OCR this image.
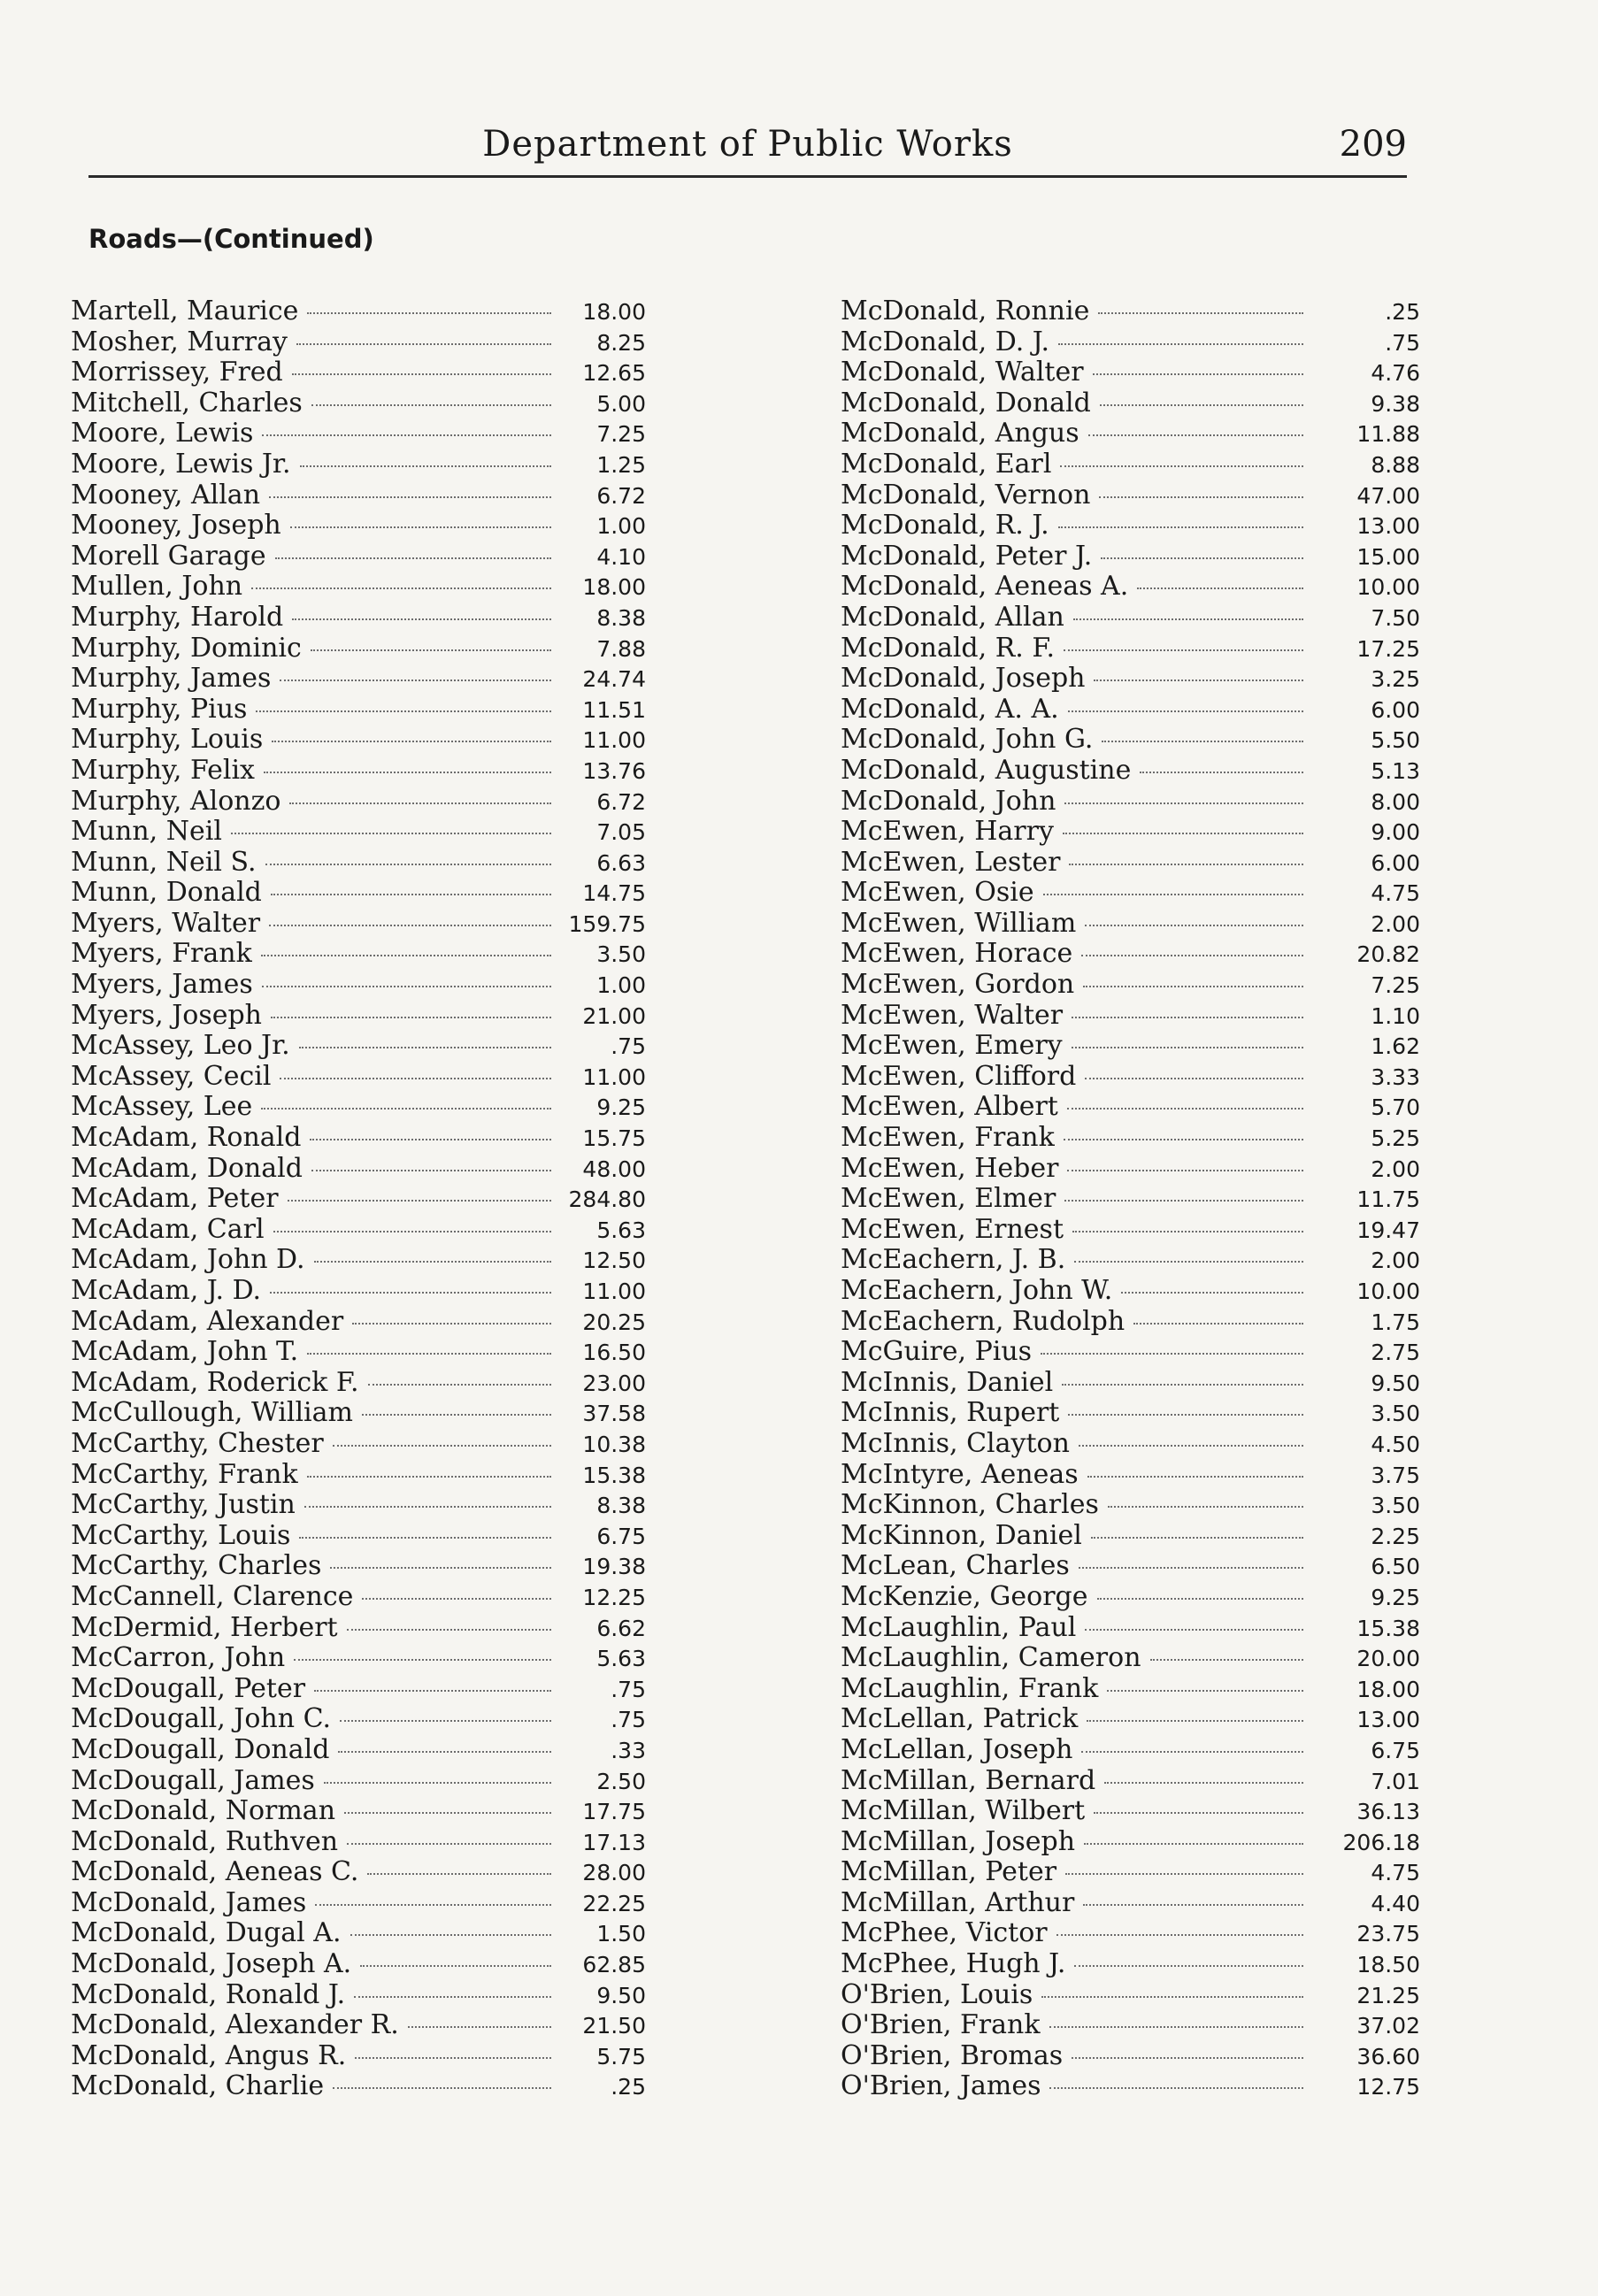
Department of Public Works	209
Roads—(Continued)
Martell, Maurice	18.00
Mosher, Murray	8.25
Morrissey, Fred	12.65
Mitchell, Charles	5.00
Moore, Lewis	7.25
Moore, Lewis Jr.	1.25
Mooney, Allan	6.72
Mooney, Joseph	1.00
Morell Garage	4.10
Mullen, John	18.00
Murphy, Harold	8.38
Murphy, Dominic	7.88
Murphy, James	24.74
Murphy, Pius	11.51
Murphy, Louis	11.00
Murphy, Felix	13.76
Murphy, Alonzo	6.72
Munn, Neil	7.05
Munn, Neil S.	6.63
Munn, Donald	14.75
Myers, Walter	159.75
Myers, Frank	3.50
Myers, James	1.00
Myers, Joseph	21.00
McAssey, Leo Jr.	.75
McAssey, Cecil	11.00
McAssey, Lee	9.25
McAdam, Ronald	15.75
McAdam, Donald	48.00
McAdam, Peter	284.80
McAdam, Carl	5.63
McAdam, John D.	12.50
McAdam, J. D.	11.00
McAdam, Alexander	20.25
McAdam, John T.	16.50
McAdam, Roderick F.	23.00
McCullough, William	37.58
McCarthy, Chester	10.38
McCarthy, Frank	15.38
McCarthy, Justin	8.38
McCarthy, Louis	6.75
McCarthy, Charles	19.38
McCannell, Clarence	12.25
McDermid, Herbert	6.62
McCarron, John	5.63
McDougall, Peter	.75
McDougall, John C.	.75
McDougall, Donald	.33
McDougall, James	2.50
McDonald, Norman	17.75
McDonald, Ruthven	17.13
McDonald, Aeneas C.	28.00
McDonald, James	22.25
McDonald, Dugal A.	1.50
McDonald, Joseph A.	62.85
McDonald, Ronald J.	9.50
McDonald, Alexander R.	21.50
McDonald, Angus R.	5.75
McDonald, Charlie	.25
McDonald, Ronnie	.25
McDonald, D. J.	.75
McDonald, Walter	4.76
McDonald, Donald	9.38
McDonald, Angus	11.88
McDonald, Earl	8.88
McDonald, Vernon	47.00
McDonald, R. J.	13.00
McDonald, Peter J.	15.00
McDonald, Aeneas A.	10.00
McDonald, Allan	7.50
McDonald, R. F.	17.25
McDonald, Joseph	3.25
McDonald, A. A.	6.00
McDonald, John G.	5.50
McDonald, Augustine	5.13
McDonald, John	8.00
McEwen, Harry	9.00
McEwen, Lester	6.00
McEwen, Osie	4.75
McEwen, William	2.00
McEwen, Horace	20.82
McEwen, Gordon	7.25
McEwen, Walter	1.10
McEwen, Emery	1.62
McEwen, Clifford	3.33
McEwen, Albert	5.70
McEwen, Frank	5.25
McEwen, Heber	2.00
McEwen, Elmer	11.75
McEwen, Ernest	19.47
McEachern, J. B.	2.00
McEachern, John W.	10.00
McEachern, Rudolph	1.75
McGuire, Pius	2.75
McInnis, Daniel	9.50
McInnis, Rupert	3.50
McInnis, Clayton	4.50
McIntyre, Aeneas	3.75
McKinnon, Charles	3.50
McKinnon, Daniel	2.25
McLean, Charles	6.50
McKenzie, George	9.25
McLaughlin, Paul	15.38
McLaughlin, Cameron	20.00
McLaughlin, Frank	18.00
McLellan, Patrick	13.00
McLellan, Joseph	6.75
McMillan, Bernard	7.01
McMillan, Wilbert	36.13
McMillan, Joseph	206.18
McMillan, Peter	4.75
McMillan, Arthur	4.40
McPhee, Victor	23.75
McPhee, Hugh J.	18.50
O'Brien, Louis	21.25
O'Brien, Frank	37.02
O'Brien, Bromas	36.60
O'Brien, James	12.75
